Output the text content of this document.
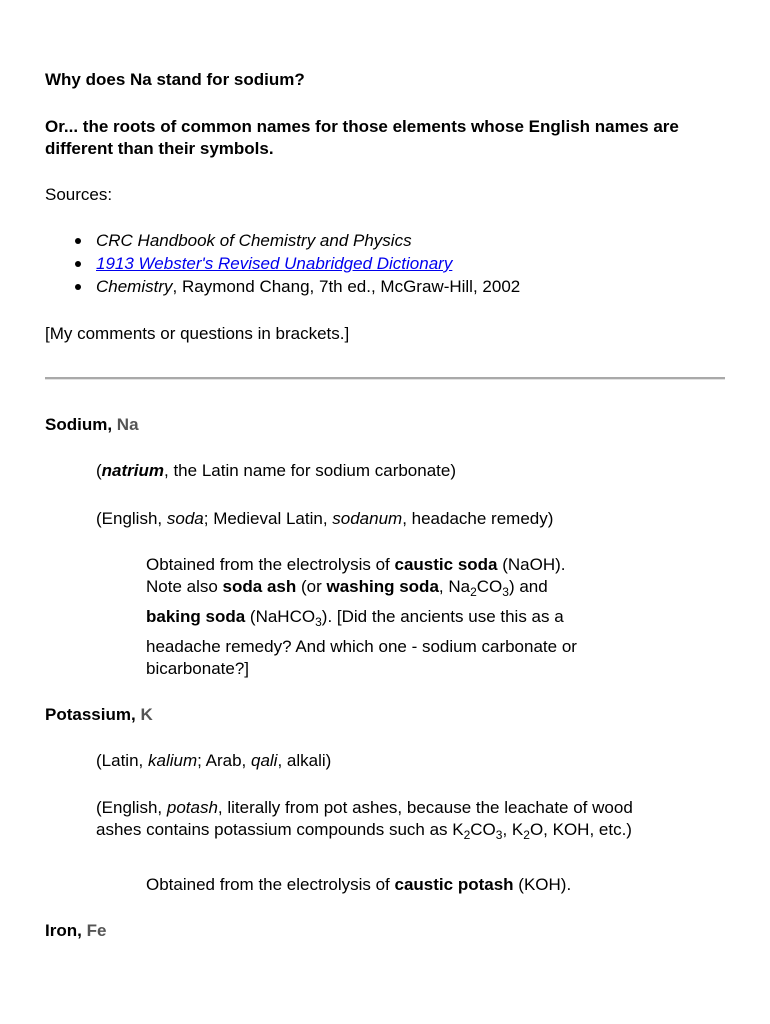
Why does Na stand for sodium?
Or... the roots of common names for those elements whose English names are different than their symbols.
Sources:
CRC Handbook of Chemistry and Physics
1913 Webster's Revised Unabridged Dictionary
Chemistry, Raymond Chang, 7th ed., McGraw-Hill, 2002
[My comments or questions in brackets.]
Sodium, Na
(natrium, the Latin name for sodium carbonate)
(English, soda; Medieval Latin, sodanum, headache remedy)
Obtained from the electrolysis of caustic soda (NaOH).
Note also soda ash (or washing soda, $Na_2CO_3$) and
baking soda (NaHCO$_3$). [Did the ancients use this as a
headache remedy? And which one - sodium carbonate or
bicarbonate?]
Potassium, K
(Latin, kalium; Arab, qali, alkali)
(English, potash, literally from pot ashes, because the leachate of wood
ashes contains potassium compounds such as $K_2CO_3$, $K_2O$, KOH, etc.)
Obtained from the electrolysis of caustic potash (KOH).
Iron, Fe
